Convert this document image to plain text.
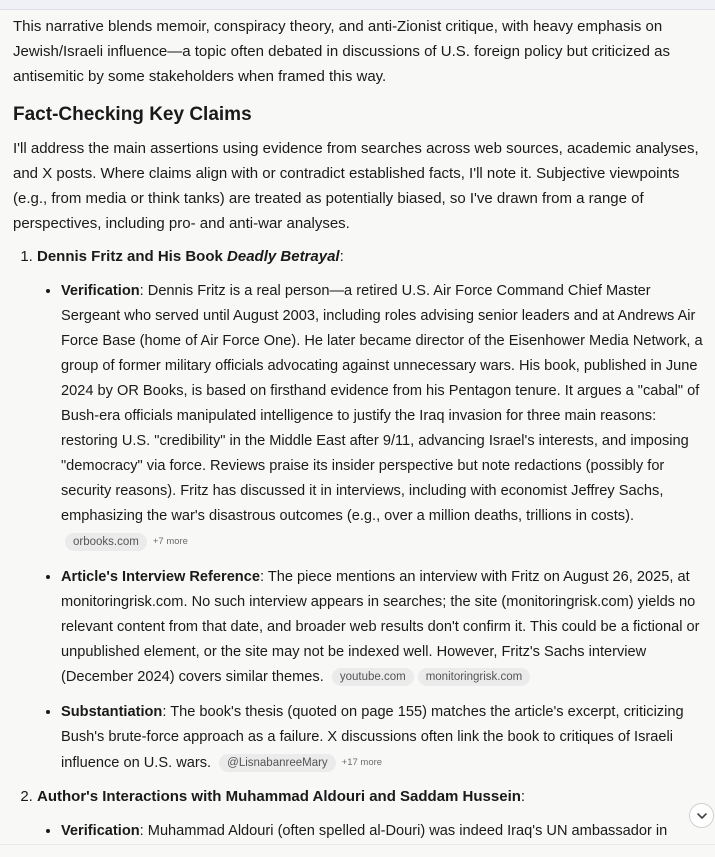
This narrative blends memoir, conspiracy theory, and anti-Zionist critique, with heavy emphasis on Jewish/Israeli influence—a topic often debated in discussions of U.S. foreign policy but criticized as antisemitic by some stakeholders when framed this way.

Fact-Checking Key Claims

I'll address the main assertions using evidence from searches across web sources, academic analyses, and X posts. Where claims align with or contradict established facts, I'll note it. Subjective viewpoints (e.g., from media or think tanks) are treated as potentially biased, so I've drawn from a range of perspectives, including pro- and anti-war analyses.

1. Dennis Fritz and His Book Deadly Betrayal:
• Verification: Dennis Fritz is a real person—a retired U.S. Air Force Command Chief Master Sergeant who served until August 2003, including roles advising senior leaders and at Andrews Air Force Base (home of Air Force One). He later became director of the Eisenhower Media Network, a group of former military officials advocating against unnecessary wars. His book, published in June 2024 by OR Books, is based on firsthand evidence from his Pentagon tenure. It argues a "cabal" of Bush-era officials manipulated intelligence to justify the Iraq invasion for three main reasons: restoring U.S. "credibility" in the Middle East after 9/11, advancing Israel's interests, and imposing "democracy" via force. Reviews praise its insider perspective but note redactions (possibly for security reasons). Fritz has discussed it in interviews, including with economist Jeffrey Sachs, emphasizing the war's disastrous outcomes (e.g., over a million deaths, trillions in costs). orbooks.com +7 more
• Article's Interview Reference: The piece mentions an interview with Fritz on August 26, 2025, at monitoringrisk.com. No such interview appears in searches; the site (monitoringrisk.com) yields no relevant content from that date, and broader web results don't confirm it. This could be a fictional or unpublished element, or the site may not be indexed well. However, Fritz's Sachs interview (December 2024) covers similar themes. youtube.com monitoringrisk.com
• Substantiation: The book's thesis (quoted on page 155) matches the article's excerpt, criticizing Bush's brute-force approach as a failure. X discussions often link the book to critiques of Israeli influence on U.S. wars. @LisnabanreeMary +17 more
2. Author's Interactions with Muhammad Aldouri and Saddam Hussein:
• Verification: Muhammad Aldouri (often spelled al-Douri) was indeed Iraq's UN ambassador in
